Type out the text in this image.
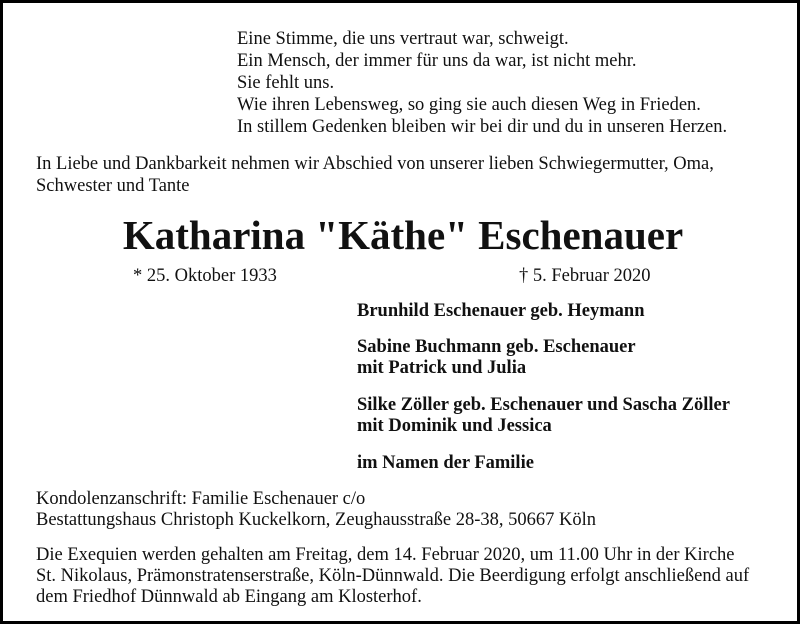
Eine Stimme, die uns vertraut war, schweigt.
Ein Mensch, der immer für uns da war, ist nicht mehr.
Sie fehlt uns.
Wie ihren Lebensweg, so ging sie auch diesen Weg in Frieden.
In stillem Gedenken bleiben wir bei dir und du in unseren Herzen.
In Liebe und Dankbarkeit nehmen wir Abschied von unserer lieben Schwiegermutter, Oma,
Schwester und Tante
Katharina "Käthe" Eschenauer
* 25. Oktober 1933	† 5. Februar 2020
Brunhild Eschenauer geb. Heymann
Sabine Buchmann geb. Eschenauer
mit Patrick und Julia
Silke Zöller geb. Eschenauer und Sascha Zöller
mit Dominik und Jessica
im Namen der Familie
Kondolenzanschrift: Familie Eschenauer c/o
Bestattungshaus Christoph Kuckelkorn, Zeughausstraße 28-38, 50667 Köln
Die Exequien werden gehalten am Freitag, dem 14. Februar 2020, um 11.00 Uhr in der Kirche
St. Nikolaus, Prämonstratenserstraße, Köln-Dünnwald. Die Beerdigung erfolgt anschließend auf
dem Friedhof Dünnwald ab Eingang am Klosterhof.
